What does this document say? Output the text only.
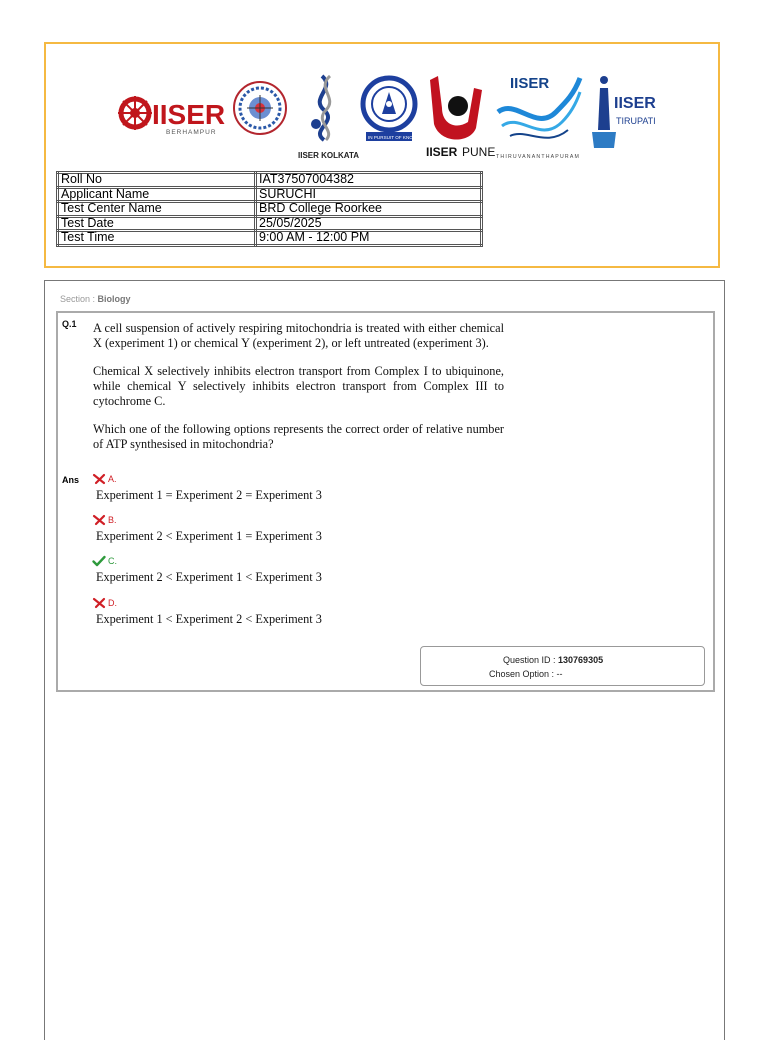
IISER
BERHAMPUR
IISER KOLKATA
IN PURSUIT OF KNOWLEDGE
IISER PUNE
IISER
THIRUVANANTHAPURAM
IISER
TIRUPATI
Roll No	IAT37507004382
Applicant Name	SURUCHI
Test Center Name	BRD College Roorkee
Test Date	25/05/2025
Test Time	9:00 AM - 12:00 PM
Section : Biology
Q.1 A cell suspension of actively respiring mitochondria is treated with either chemical X (experiment 1) or chemical Y (experiment 2), or left untreated (experiment 3).

Chemical X selectively inhibits electron transport from Complex I to ubiquinone, while chemical Y selectively inhibits electron transport from Complex III to cytochrome C.

Which one of the following options represents the correct order of relative number of ATP synthesised in mitochondria?

Ans	A.
Experiment 1 = Experiment 2 = Experiment 3
B.
Experiment 2 < Experiment 1 = Experiment 3
C.
Experiment 2 < Experiment 1 < Experiment 3
D.
Experiment 1 < Experiment 2 < Experiment 3
Question ID : 130769305
Chosen Option : --
